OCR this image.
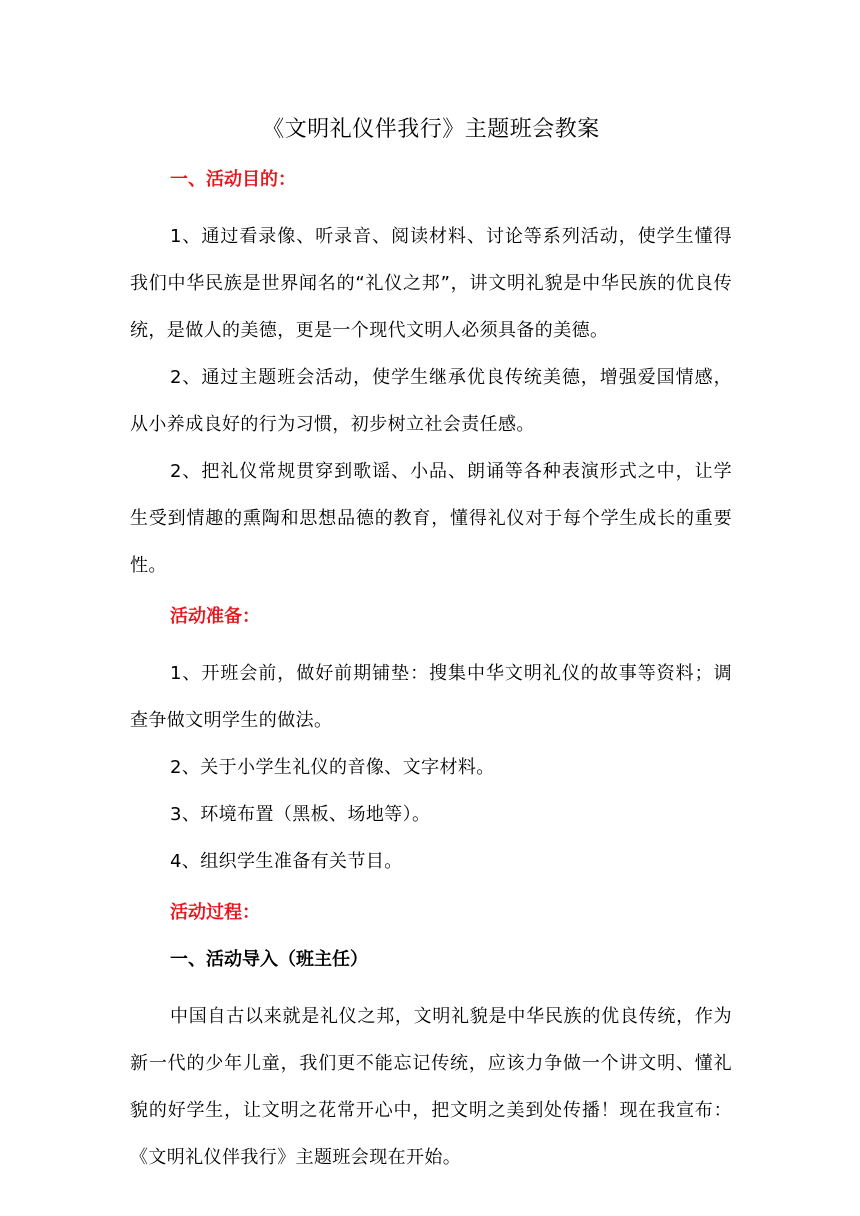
《文明礼仪伴我行》主题班会教案
一、活动目的：

1、通过看录像、听录音、阅读材料、讨论等系列活动，使学生懂得我们中华民族是世界闻名的“礼仪之邦”，讲文明礼貌是中华民族的优良传统，是做人的美德，更是一个现代文明人必须具备的美德。

2、通过主题班会活动，使学生继承优良传统美德，增强爱国情感，从小养成良好的行为习惯，初步树立社会责任感。

2、把礼仪常规贯穿到歌谣、小品、朗诵等各种表演形式之中，让学生受到情趣的熏陶和思想品德的教育，懂得礼仪对于每个学生成长的重要性。

活动准备：

1、开班会前，做好前期铺垫：搜集中华文明礼仪的故事等资料；调查争做文明学生的做法。

2、关于小学生礼仪的音像、文字材料。

3、环境布置（黑板、场地等）。

4、组织学生准备有关节目。

活动过程：
一、活动导入（班主任）

中国自古以来就是礼仪之邦，文明礼貌是中华民族的优良传统，作为新一代的少年儿童，我们更不能忘记传统，应该力争做一个讲文明、懂礼貌的好学生，让文明之花常开心中，把文明之美到处传播！现在我宣布：《文明礼仪伴我行》主题班会现在开始。
